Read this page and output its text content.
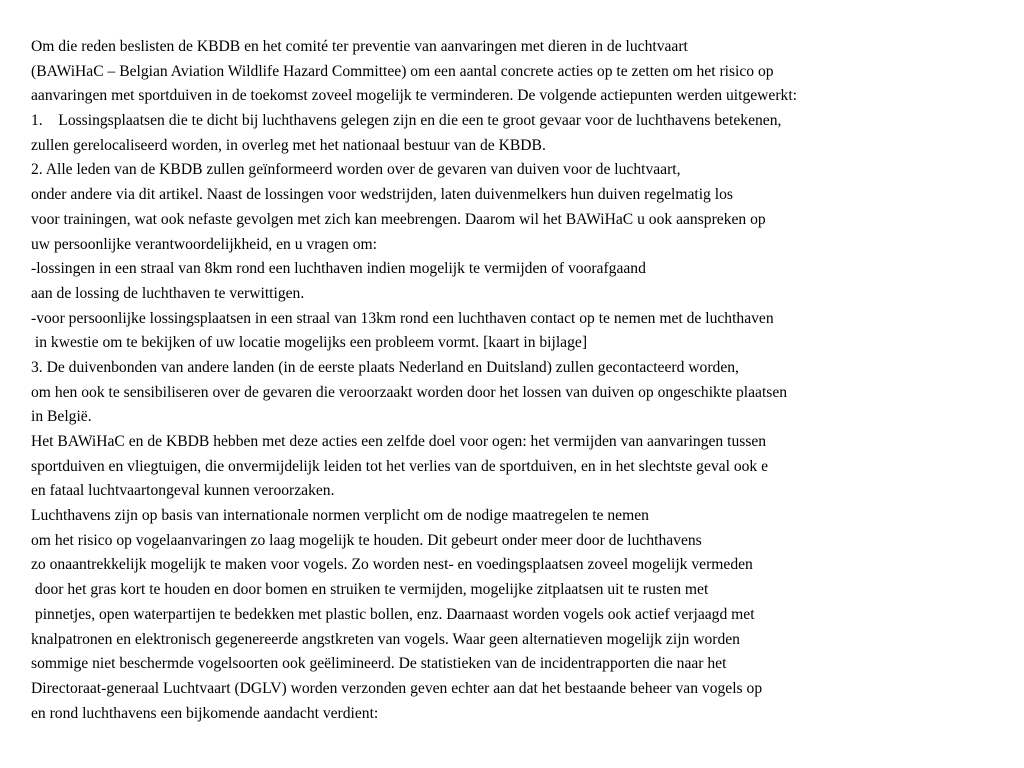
Om die reden beslisten de KBDB en het comité ter preventie van aanvaringen met dieren in de luchtvaart
(BAWiHaC – Belgian Aviation Wildlife Hazard Committee) om een aantal concrete acties op te zetten om het risico op
aanvaringen met sportduiven in de toekomst zoveel mogelijk te verminderen. De volgende actiepunten werden uitgewerkt:
1.    Lossingsplaatsen die te dicht bij luchthavens gelegen zijn en die een te groot gevaar voor de luchthavens betekenen,
zullen gerelocaliseerd worden, in overleg met het nationaal bestuur van de KBDB.
2. Alle leden van de KBDB zullen geïnformeerd worden over de gevaren van duiven voor de luchtvaart,
onder andere via dit artikel. Naast de lossingen voor wedstrijden, laten duivenmelkers hun duiven regelmatig los
voor trainingen, wat ook nefaste gevolgen met zich kan meebrengen. Daarom wil het BAWiHaC u ook aanspreken op
uw persoonlijke verantwoordelijkheid, en u vragen om:
-lossingen in een straal van 8km rond een luchthaven indien mogelijk te vermijden of voorafgaand
aan de lossing de luchthaven te verwittigen.
-voor persoonlijke lossingsplaatsen in een straal van 13km rond een luchthaven contact op te nemen met de luchthaven
in kwestie om te bekijken of uw locatie mogelijks een probleem vormt. [kaart in bijlage]
3. De duivenbonden van andere landen (in de eerste plaats Nederland en Duitsland) zullen gecontacteerd worden,
om hen ook te sensibiliseren over de gevaren die veroorzaakt worden door het lossen van duiven op ongeschikte plaatsen
in België.
Het BAWiHaC en de KBDB hebben met deze acties een zelfde doel voor ogen: het vermijden van aanvaringen tussen
sportduiven en vliegtuigen, die onvermijdelijk leiden tot het verlies van de sportduiven, en in het slechtste geval ook e
en fataal luchtvaartongeval kunnen veroorzaken.
Luchthavens zijn op basis van internationale normen verplicht om de nodige maatregelen te nemen
om het risico op vogelaanvaringen zo laag mogelijk te houden. Dit gebeurt onder meer door de luchthavens
zo onaantrekkelijk mogelijk te maken voor vogels. Zo worden nest- en voedingsplaatsen zoveel mogelijk vermeden
door het gras kort te houden en door bomen en struiken te vermijden, mogelijke zitplaatsen uit te rusten met
pinnetjes, open waterpartijen te bedekken met plastic bollen, enz. Daarnaast worden vogels ook actief verjaagd met
knalpatronen en elektronisch gegenereerde angstkreten van vogels. Waar geen alternatieven mogelijk zijn worden
sommige niet beschermde vogelsoorten ook geëlimineerd. De statistieken van de incidentrapporten die naar het
Directoraat-generaal Luchtvaart (DGLV) worden verzonden geven echter aan dat het bestaande beheer van vogels op
en rond luchthavens een bijkomende aandacht verdient:
